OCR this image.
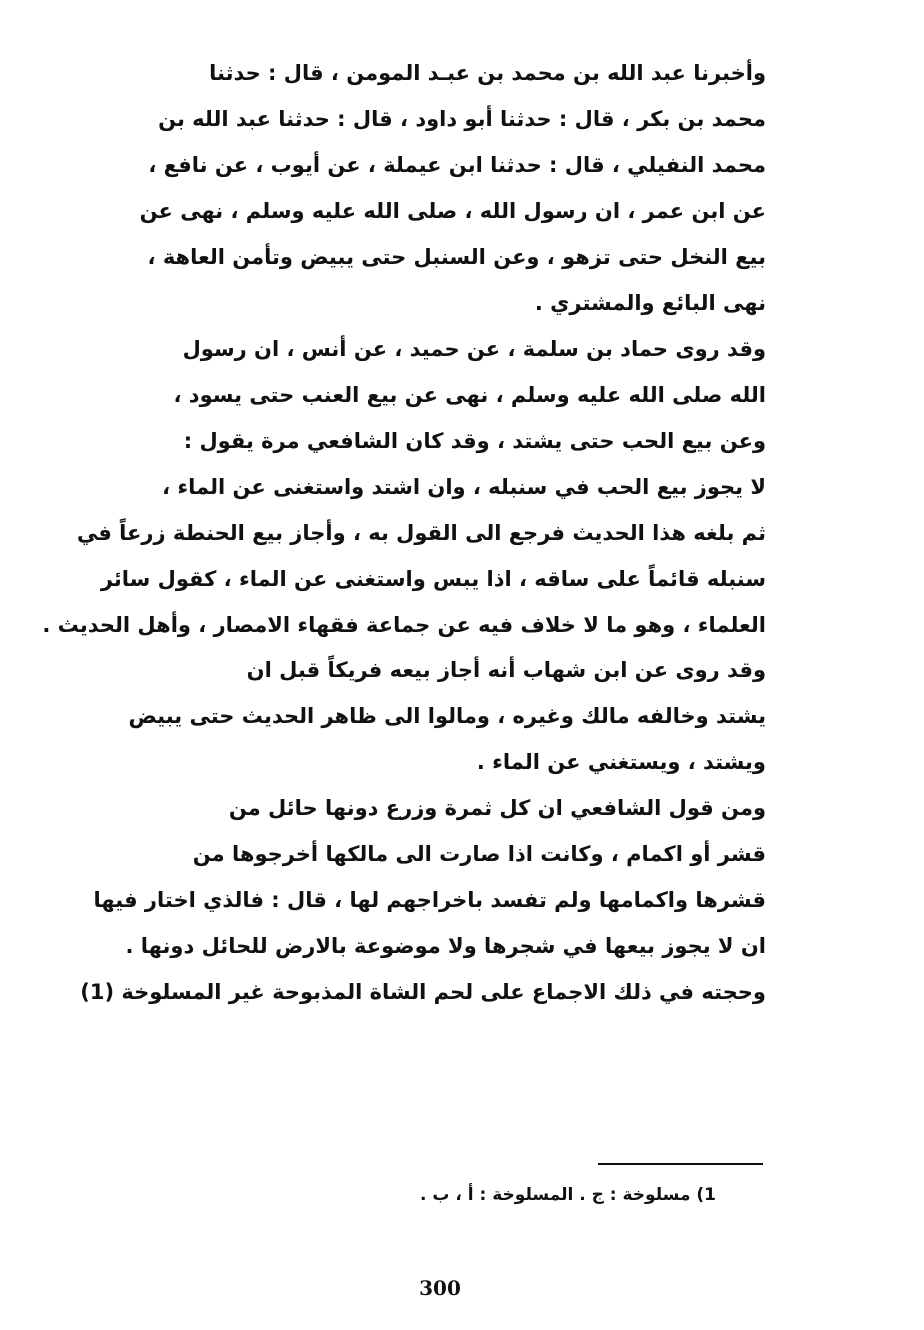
وأخبرنا عبد الله بن محمد بن عبـد المومن ، قال : حدثنا
محمد بن بكر ، قال : حدثنا أبو داود ، قال : حدثنا عبد الله بن
محمد النفيلي ، قال : حدثنا ابن عيملة ، عن أيوب ، عن نافع ،
عن ابن عمر ، ان رسول الله ، صلى الله عليه وسلم ، نهى عن
بيع النخل حتى تزهو ، وعن السنبل حتى يبيض وتأمن العاهة ،
نهى البائع والمشتري .
وقد روى حماد بن سلمة ، عن حميد ، عن أنس ، ان رسول
الله صلى الله عليه وسلم ، نهى عن بيع العنب حتى يسود ،
وعن بيع الحب حتى يشتد ، وقد كان الشافعي مرة يقول :
لا يجوز بيع الحب في سنبله ، وان اشتد واستغنى عن الماء ،
ثم بلغه هذا الحديث فرجع الى القول به ، وأجاز بيع الحنطة زرعاً في
سنبله قائماً على ساقه ، اذا يبس واستغنى عن الماء ، كقول سائر
العلماء ، وهو ما لا خلاف فيه عن جماعة فقهاء الامصار ، وأهل الحديث .
وقد روى عن ابن شهاب أنه أجاز بيعه فريكاً قبل ان
يشتد وخالفه مالك وغيره ، ومالوا الى ظاهر الحديث حتى يبيض
ويشتد ، ويستغني عن الماء .
ومن قول الشافعي ان كل ثمرة وزرع دونها حائل من
قشر أو اكمام ، وكانت اذا صارت الى مالكها أخرجوها من
قشرها واكمامها ولم تفسد باخراجهم لها ، قال : فالذي اختار فيها
ان لا يجوز بيعها في شجرها ولا موضوعة بالارض للحائل دونها .
وحجته في ذلك الاجماع على لحم الشاة المذبوحة غير المسلوخة (1)
1) مسلوخة : ج . المسلوخة : أ ، ب .
300
